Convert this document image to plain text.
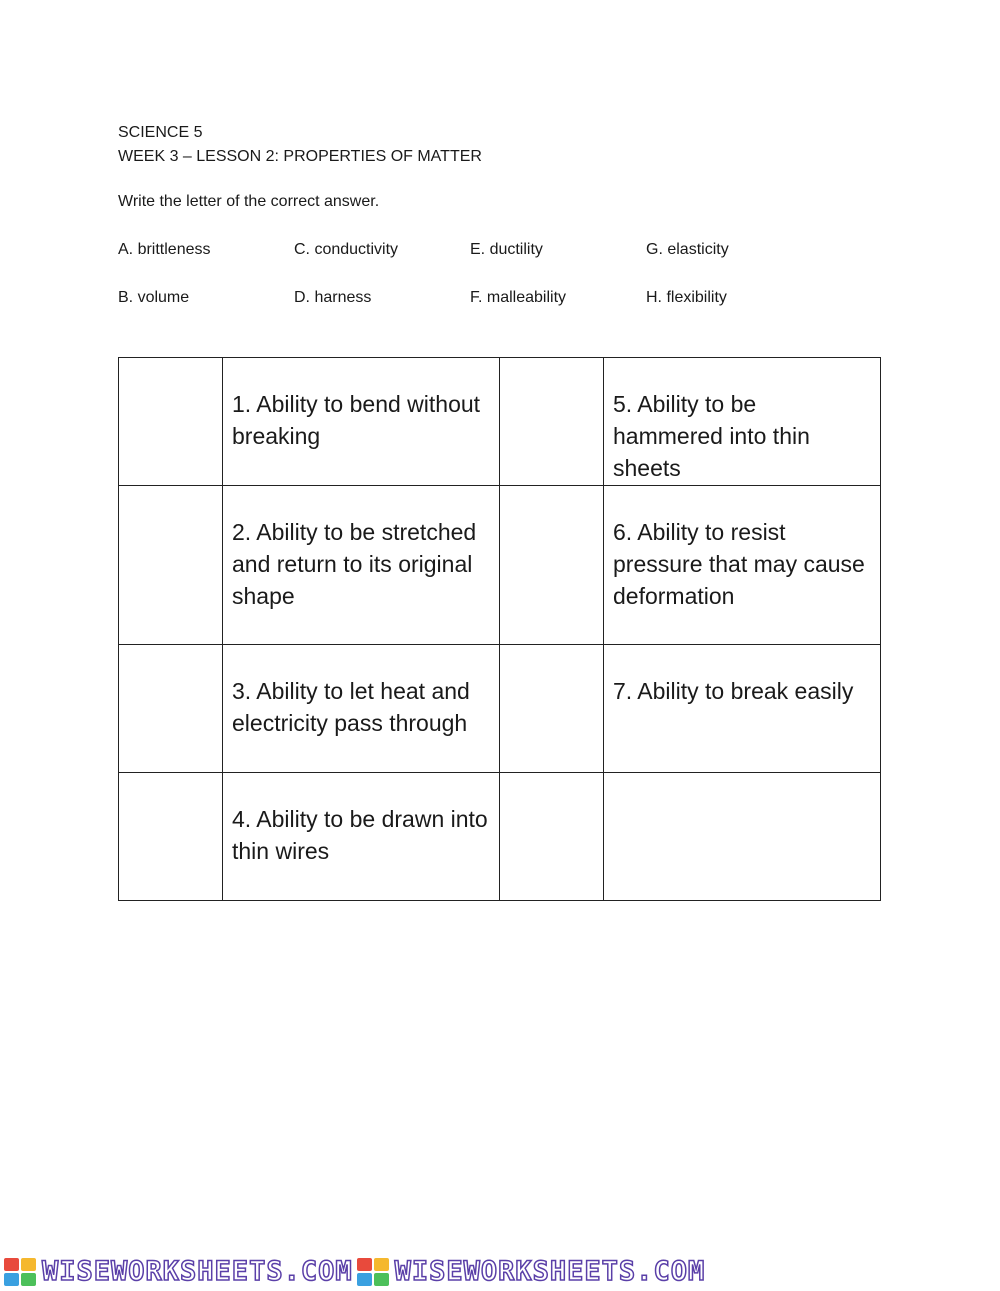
SCIENCE 5
WEEK 3 – LESSON 2: PROPERTIES OF MATTER
Write the letter of the correct answer.
A. brittleness	C. conductivity	E. ductility	G. elasticity
B. volume	D. harness	F. malleability	H. flexibility

	1. Ability to bend without breaking		5. Ability to be hammered into thin sheets

	2. Ability to be stretched and return to its original shape		6. Ability to resist pressure that may cause deformation

	3. Ability to let heat and electricity pass through		7. Ability to break easily

	4. Ability to be drawn into thin wires		

WISEWORKSHEETS.COM WISEWORKSHEETS.COM
